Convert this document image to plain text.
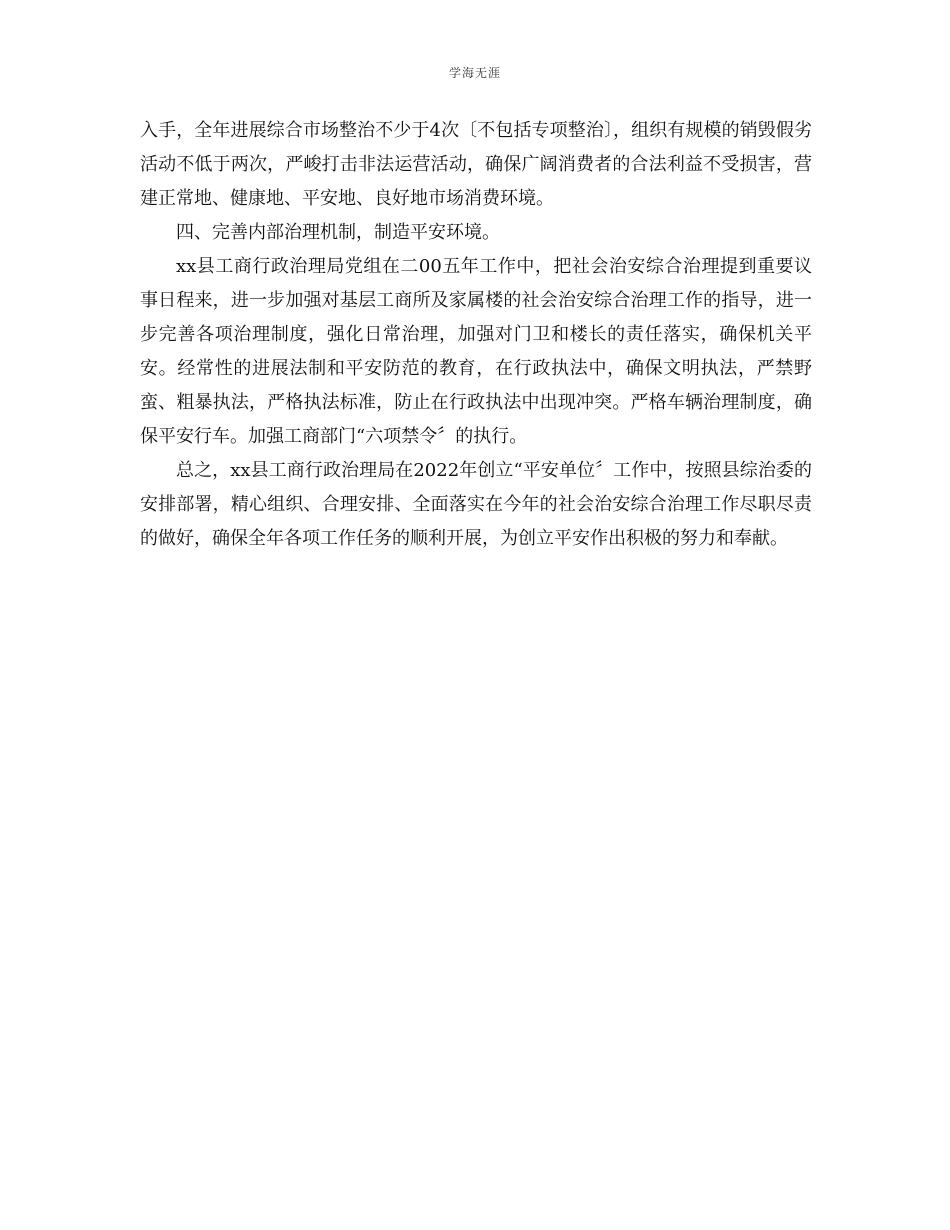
学海无涯

入手，全年进展综合市场整治不少于4次〔不包括专项整治〕，组织有规模的销毁假劣活动不低于两次，严峻打击非法运营活动，确保广阔消费者的合法利益不受损害，营建正常地、健康地、平安地、良好地市场消费环境。

四、完善内部治理机制，制造平安环境。

xx县工商行政治理局党组在二00五年工作中，把社会治安综合治理提到重要议事日程来，进一步加强对基层工商所及家属楼的社会治安综合治理工作的指导，进一步完善各项治理制度，强化日常治理，加强对门卫和楼长的责任落实，确保机关平安。经常性的进展法制和平安防范的教育，在行政执法中，确保文明执法，严禁野蛮、粗暴执法，严格执法标准，防止在行政执法中出现冲突。严格车辆治理制度，确保平安行车。加强工商部门“六项禁令〞的执行。

总之，xx县工商行政治理局在2022年创立“平安单位〞工作中，按照县综治委的安排部署，精心组织、合理安排、全面落实在今年的社会治安综合治理工作尽职尽责的做好，确保全年各项工作任务的顺利开展，为创立平安作出积极的努力和奉献。
